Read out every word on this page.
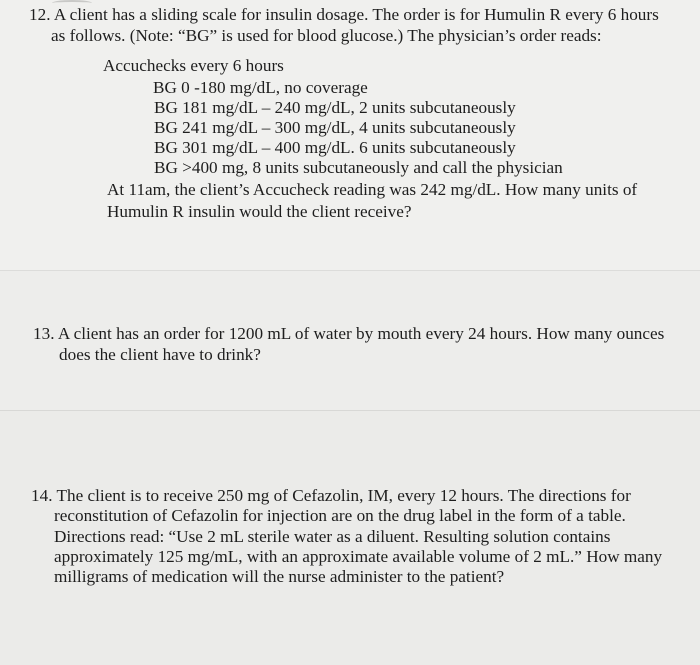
12. A client has a sliding scale for insulin dosage. The order is for Humulin R every 6 hours
as follows. (Note: “BG” is used for blood glucose.) The physician’s order reads:
Accuchecks every 6 hours
BG 0 -180 mg/dL, no coverage
BG 181 mg/dL – 240 mg/dL, 2 units subcutaneously
BG 241 mg/dL – 300 mg/dL, 4 units subcutaneously
BG 301 mg/dL – 400 mg/dL. 6 units subcutaneously
BG >400 mg, 8 units subcutaneously and call the physician
At 11am, the client’s Accucheck reading was 242 mg/dL. How many units of
Humulin R insulin would the client receive?
13. A client has an order for 1200 mL of water by mouth every 24 hours. How many ounces
does the client have to drink?
14. The client is to receive 250 mg of Cefazolin, IM, every 12 hours. The directions for
reconstitution of Cefazolin for injection are on the drug label in the form of a table.
Directions read: “Use 2 mL sterile water as a diluent. Resulting solution contains
approximately 125 mg/mL, with an approximate available volume of 2 mL.” How many
milligrams of medication will the nurse administer to the patient?
